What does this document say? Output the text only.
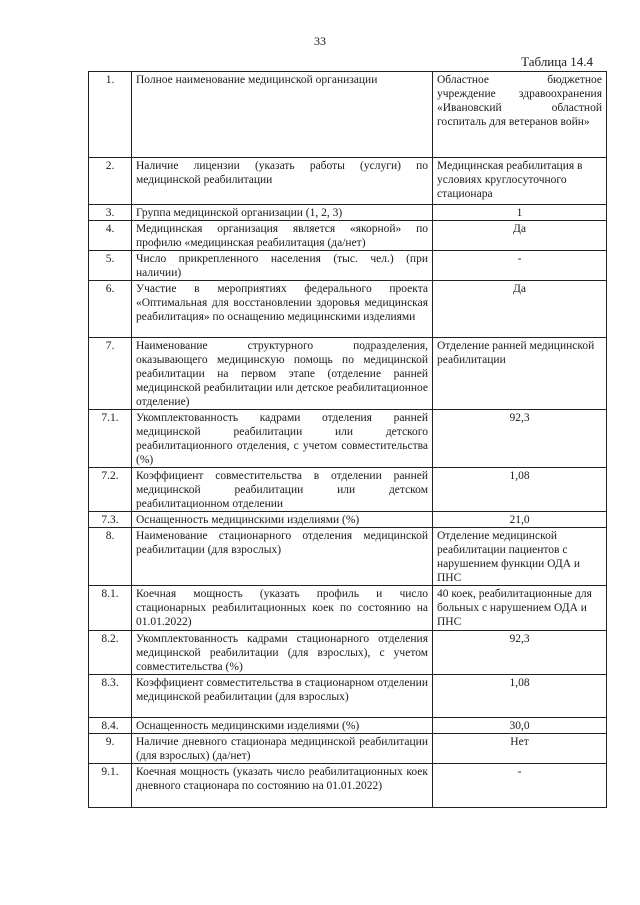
33
Таблица 14.4
1.	Полное наименование медицинской организации	Областное бюджетное учреждение здравоохранения «Ивановский областной госпиталь для ветеранов войн»
2.	Наличие лицензии (указать работы (услуги) по медицинской реабилитации	Медицинская реабилитация в условиях круглосуточного стационара
3.	Группа медицинской организации (1, 2, 3)	1
4.	Медицинская организация является «якорной» по профилю «медицинская реабилитация (да/нет)	Да
5.	Число прикрепленного населения (тыс. чел.) (при наличии)	-
6.	Участие в мероприятиях федерального проекта «Оптимальная для восстановлении здоровья медицинская реабилитация» по оснащению медицинскими изделиями	Да
7.	Наименование структурного подразделения, оказывающего медицинскую помощь по медицинской реабилитации на первом этапе (отделение ранней медицинской реабилитации или детское реабилитационное отделение)	Отделение ранней медицинской реабилитации
7.1.	Укомплектованность кадрами отделения ранней медицинской реабилитации или детского реабилитационного отделения, с учетом совместительства (%)	92,3
7.2.	Коэффициент совместительства в отделении ранней медицинской реабилитации или детском реабилитационном отделении	1,08
7.3.	Оснащенность медицинскими изделиями (%)	21,0
8.	Наименование стационарного отделения медицинской реабилитации (для взрослых)	Отделение медицинской реабилитации пациентов с нарушением функции ОДА и ПНС
8.1.	Коечная мощность (указать профиль и число стационарных реабилитационных коек по состоянию на 01.01.2022)	40 коек, реабилитационные для больных с нарушением ОДА и ПНС
8.2.	Укомплектованность кадрами стационарного отделения медицинской реабилитации (для взрослых), с учетом совместительства (%)	92,3
8.3.	Коэффициент совместительства в стационарном отделении медицинской реабилитации (для взрослых)	1,08
8.4.	Оснащенность медицинскими изделиями (%)	30,0
9.	Наличие дневного стационара медицинской реабилитации (для взрослых) (да/нет)	Нет
9.1.	Коечная мощность (указать число реабилитационных коек дневного стационара по состоянию на 01.01.2022)	-
